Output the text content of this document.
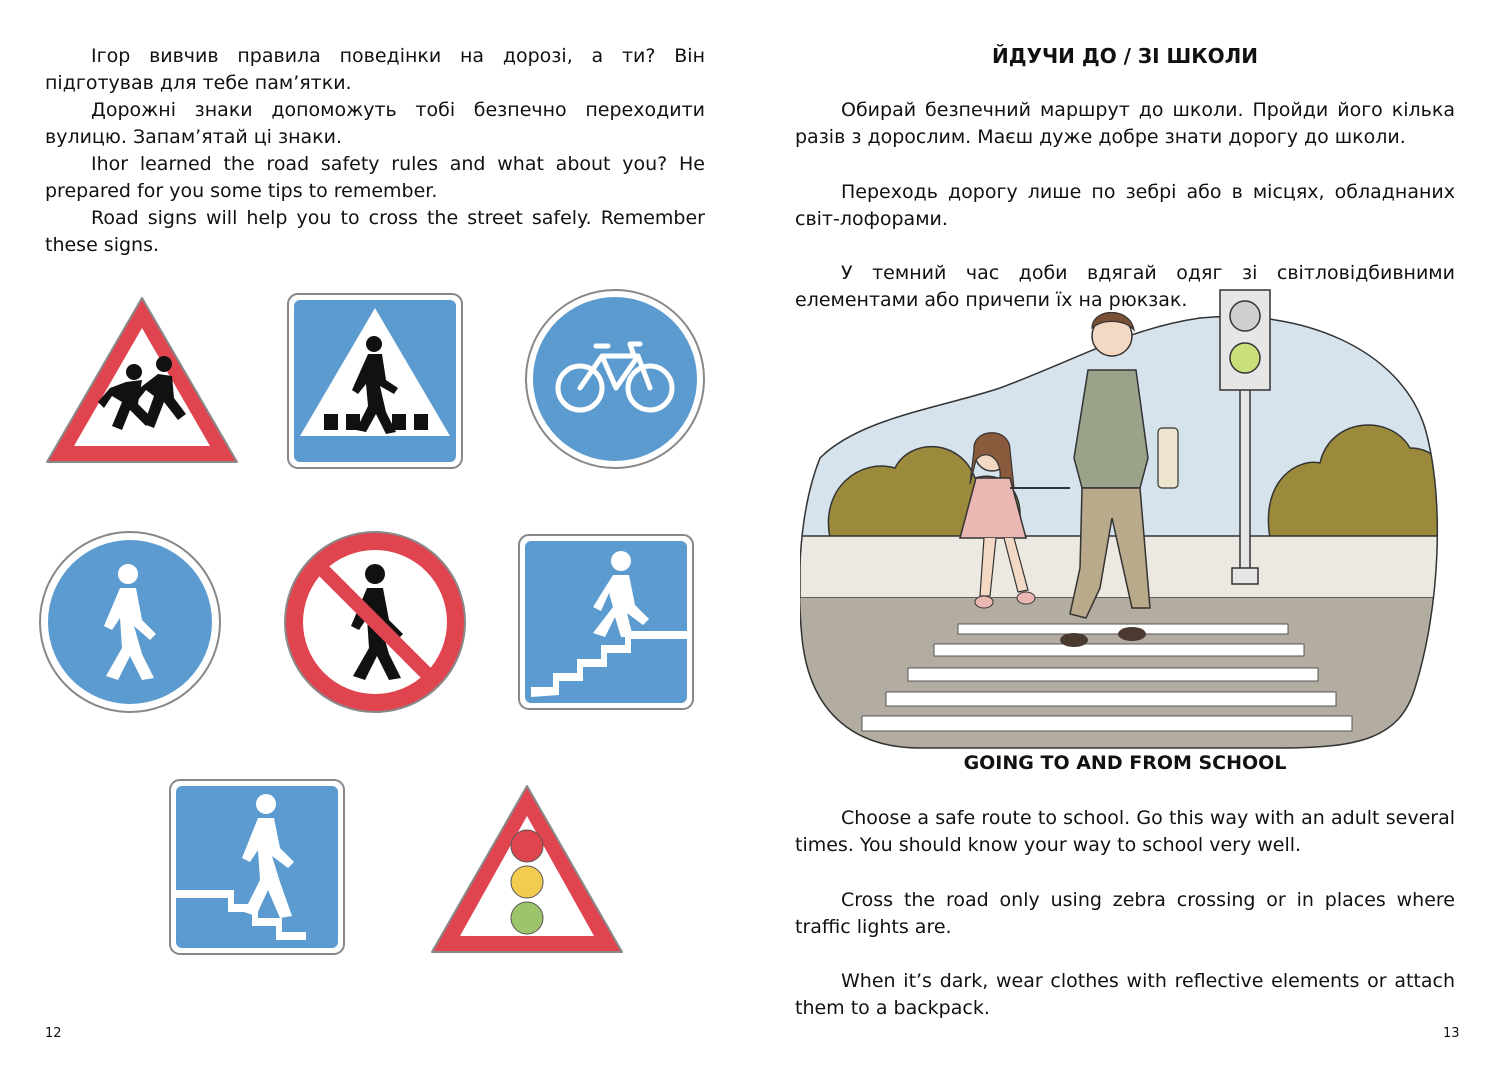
Ігор вивчив правила поведінки на дорозі, а ти? Він підготував для тебе пам’ятки.

Дорожні знаки допоможуть тобі безпечно переходити вулицю. Запам’ятай ці знаки.

Ihor learned the road safety rules and what about you? He prepared for you some tips to remember.

Road signs will help you to cross the street safely. Remember these signs.

12
ЙДУЧИ ДО / ЗІ ШКОЛИ

Обирай безпечний маршрут до школи. Пройди його кілька разів з дорослим. Маєш дуже добре знати дорогу до школи.

Переходь дорогу лише по зебрі або в місцях, обладнаних світ-лофорами.

У темний час доби вдягай одяг зі світловідбивними елементами або причепи їх на рюкзак.

GOING TO AND FROM SCHOOL

Choose a safe route to school. Go this way with an adult several times. You should know your way to school very well.

Cross the road only using zebra crossing or in places where traffic lights are.

When it’s dark, wear clothes with reflective elements or attach them to a backpack.

13
